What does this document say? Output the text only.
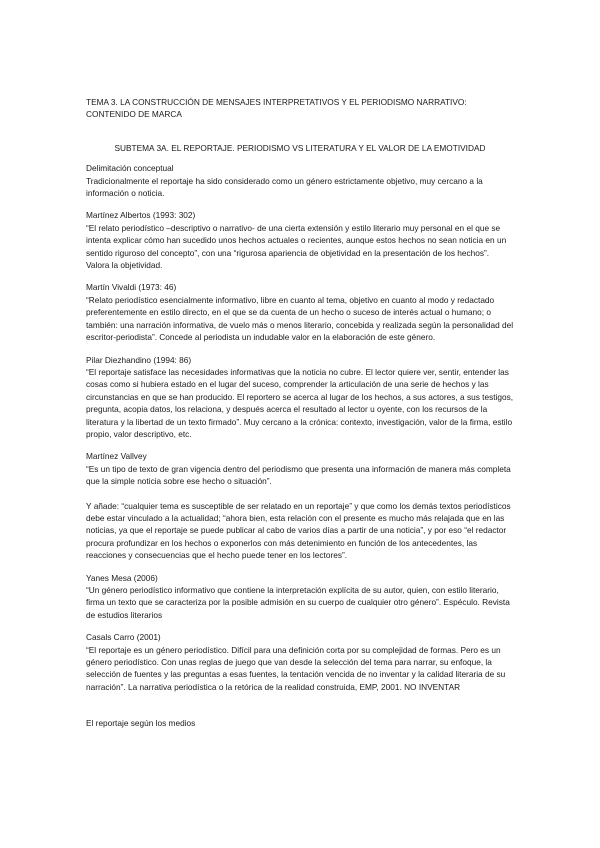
TEMA 3. LA CONSTRUCCIÓN DE MENSAJES INTERPRETATIVOS Y EL PERIODISMO NARRATIVO: CONTENIDO DE MARCA

SUBTEMA 3A. EL REPORTAJE. PERIODISMO VS LITERATURA Y EL VALOR DE LA EMOTIVIDAD

Delimitación conceptual

Tradicionalmente el reportaje ha sido considerado como un género estrictamente objetivo, muy cercano a la información o noticia.

Martínez Albertos (1993: 302)

“El relato periodístico –descriptivo o narrativo- de una cierta extensión y estilo literario muy personal en el que se intenta explicar cómo han sucedido unos hechos actuales o recientes, aunque estos hechos no sean noticia en un sentido riguroso del concepto”, con una “rigurosa apariencia de objetividad en la presentación de los hechos”. Valora la objetividad.

Martín Vivaldi (1973: 46)

“Relato periodístico esencialmente informativo, libre en cuanto al tema, objetivo en cuanto al modo y redactado preferentemente en estilo directo, en el que se da cuenta de un hecho o suceso de interés actual o humano; o también: una narración informativa, de vuelo más o menos literario, concebida y realizada según la personalidad del escritor-periodista”. Concede al periodista un indudable valor en la elaboración de este género.

Pilar Diezhandino (1994: 86)

“El reportaje satisface las necesidades informativas que la noticia no cubre. El lector quiere ver, sentir, entender las cosas como si hubiera estado en el lugar del suceso, comprender la articulación de una serie de hechos y las circunstancias en que se han producido. El reportero se acerca al lugar de los hechos, a sus actores, a sus testigos, pregunta, acopia datos, los relaciona, y después acerca el resultado al lector u oyente, con los recursos de la literatura y la libertad de un texto firmado”. Muy cercano a la crónica: contexto, investigación, valor de la firma, estilo propio, valor descriptivo, etc.

Martínez Vallvey

“Es un tipo de texto de gran vigencia dentro del periodismo que presenta una información de manera más completa que la simple noticia sobre ese hecho o situación”.

Y añade: “cualquier tema es susceptible de ser relatado en un reportaje” y que como los demás textos periodísticos debe estar vinculado a la actualidad; “ahora bien, esta relación con el presente es mucho más relajada que en las noticias, ya que el reportaje se puede publicar al cabo de varios días a partir de una noticia”, y por eso “el redactor procura profundizar en los hechos o exponerlos con más detenimiento en función de los antecedentes, las reacciones y consecuencias que el hecho puede tener en los lectores”.

Yanes Mesa (2006)

“Un género periodístico informativo que contiene la interpretación explícita de su autor, quien, con estilo literario, firma un texto que se caracteriza por la posible admisión en su cuerpo de cualquier otro género”. Espéculo. Revista de estudios literarios

Casals Carro (2001)

“El reportaje es un género periodístico. Difícil para una definición corta por su complejidad de formas. Pero es un género periodístico. Con unas reglas de juego que van desde la selección del tema para narrar, su enfoque, la selección de fuentes y las preguntas a esas fuentes, la tentación vencida de no inventar y la calidad literaria de su narración”. La narrativa periodística o la retórica de la realidad construida, EMP, 2001. NO INVENTAR

El reportaje según los medios
